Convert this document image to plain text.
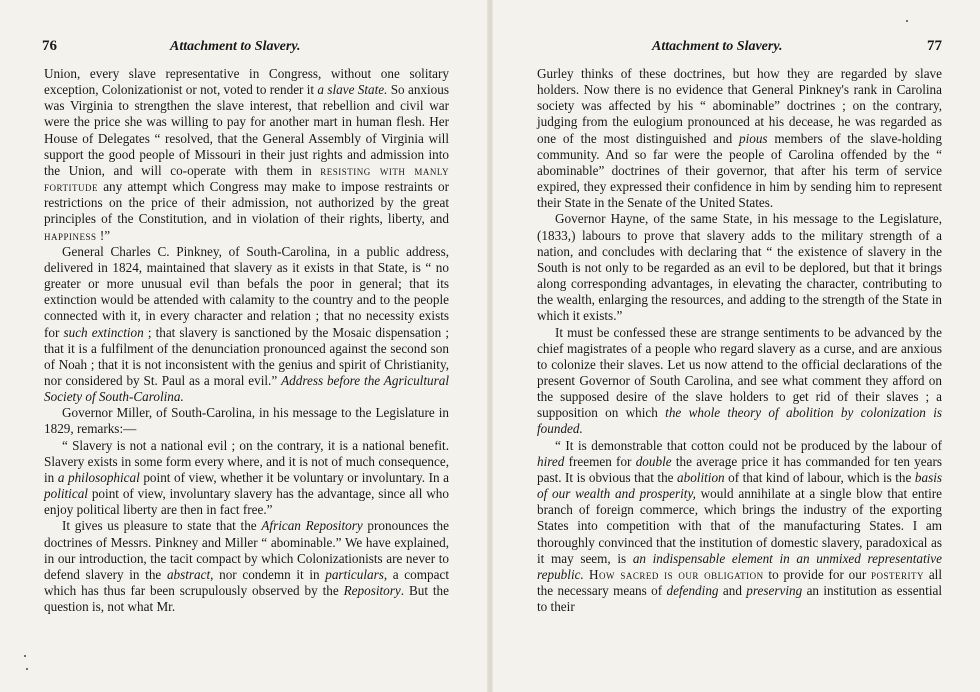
76	Attachment to Slavery.

Union, every slave representative in Congress, without one solitary exception, Colonizationist or not, voted to render it a slave State. So anxious was Virginia to strengthen the slave interest, that rebellion and civil war were the price she was willing to pay for another mart in human flesh. Her House of Delegates “ resolved, that the General Assembly of Virginia will support the good people of Missouri in their just rights and admission into the Union, and will co-operate with them in resisting with manly fortitude any attempt which Congress may make to impose restraints or restrictions on the price of their admission, not authorized by the great principles of the Constitution, and in violation of their rights, liberty, and happiness !”

General Charles C. Pinkney, of South-Carolina, in a public address, delivered in 1824, maintained that slavery as it exists in that State, is “ no greater or more unusual evil than befals the poor in general; that its extinction would be attended with calamity to the country and to the people connected with it, in every character and relation ; that no necessity exists for such extinction ; that slavery is sanctioned by the Mosaic dispensation ; that it is a fulfilment of the denunciation pronounced against the second son of Noah ; that it is not inconsistent with the genius and spirit of Christianity, nor considered by St. Paul as a moral evil.” Address before the Agricultural Society of South-Carolina.

Governor Miller, of South-Carolina, in his message to the Legislature in 1829, remarks:—

“ Slavery is not a national evil ; on the contrary, it is a national benefit. Slavery exists in some form every where, and it is not of much consequence, in a philosophical point of view, whether it be voluntary or involuntary. In a political point of view, involuntary slavery has the advantage, since all who enjoy political liberty are then in fact free.”

It gives us pleasure to state that the African Repository pronounces the doctrines of Messrs. Pinkney and Miller “ abominable.” We have explained, in our introduction, the tacit compact by which Colonizationists are never to defend slavery in the abstract, nor condemn it in particulars, a compact which has thus far been scrupulously observed by the Repository. But the question is, not what Mr.

Attachment to Slavery.	77

Gurley thinks of these doctrines, but how they are regarded by slave holders. Now there is no evidence that General Pinkney's rank in Carolina society was affected by his “ abominable” doctrines ; on the contrary, judging from the eulogium pronounced at his decease, he was regarded as one of the most distinguished and pious members of the slave-holding community. And so far were the people of Carolina offended by the “ abominable” doctrines of their governor, that after his term of service expired, they expressed their confidence in him by sending him to represent their State in the Senate of the United States.

Governor Hayne, of the same State, in his message to the Legislature, (1833,) labours to prove that slavery adds to the military strength of a nation, and concludes with declaring that “ the existence of slavery in the South is not only to be regarded as an evil to be deplored, but that it brings along corresponding advantages, in elevating the character, contributing to the wealth, enlarging the resources, and adding to the strength of the State in which it exists.”

It must be confessed these are strange sentiments to be advanced by the chief magistrates of a people who regard slavery as a curse, and are anxious to colonize their slaves. Let us now attend to the official declarations of the present Governor of South Carolina, and see what comment they afford on the supposed desire of the slave holders to get rid of their slaves ; a supposition on which the whole theory of abolition by colonization is founded.

“ It is demonstrable that cotton could not be produced by the labour of hired freemen for double the average price it has commanded for ten years past. It is obvious that the abolition of that kind of labour, which is the basis of our wealth and prosperity, would annihilate at a single blow that entire branch of foreign commerce, which brings the industry of the exporting States into competition with that of the manufacturing States. I am thoroughly convinced that the institution of domestic slavery, paradoxical as it may seem, is an indispensable element in an unmixed representative republic. How sacred is our obligation to provide for our posterity all the necessary means of defending and preserving an institution as essential to their
